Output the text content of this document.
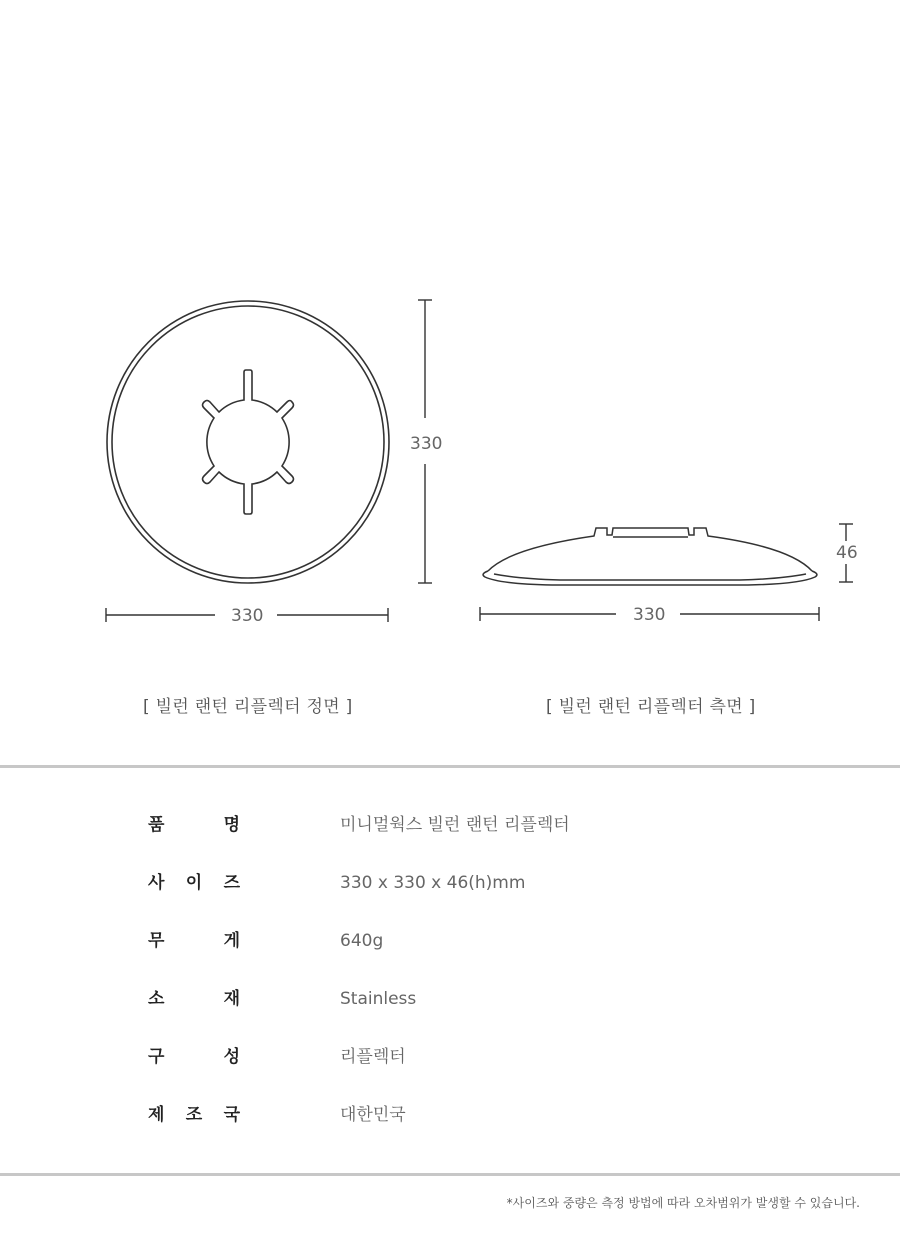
330
330
46
330
[ 빌런 랜턴 리플렉터 정면 ]	[ 빌런 랜턴 리플렉터 측면 ]
품	명	미니멀웍스 빌런 랜턴 리플렉터
사 이 즈	330 x 330 x 46(h)mm
무	게	640g
소	재	Stainless
구	성	리플렉터
제 조 국	대한민국
*사이즈와 중량은 측정 방법에 따라 오차범위가 발생할 수 있습니다.
